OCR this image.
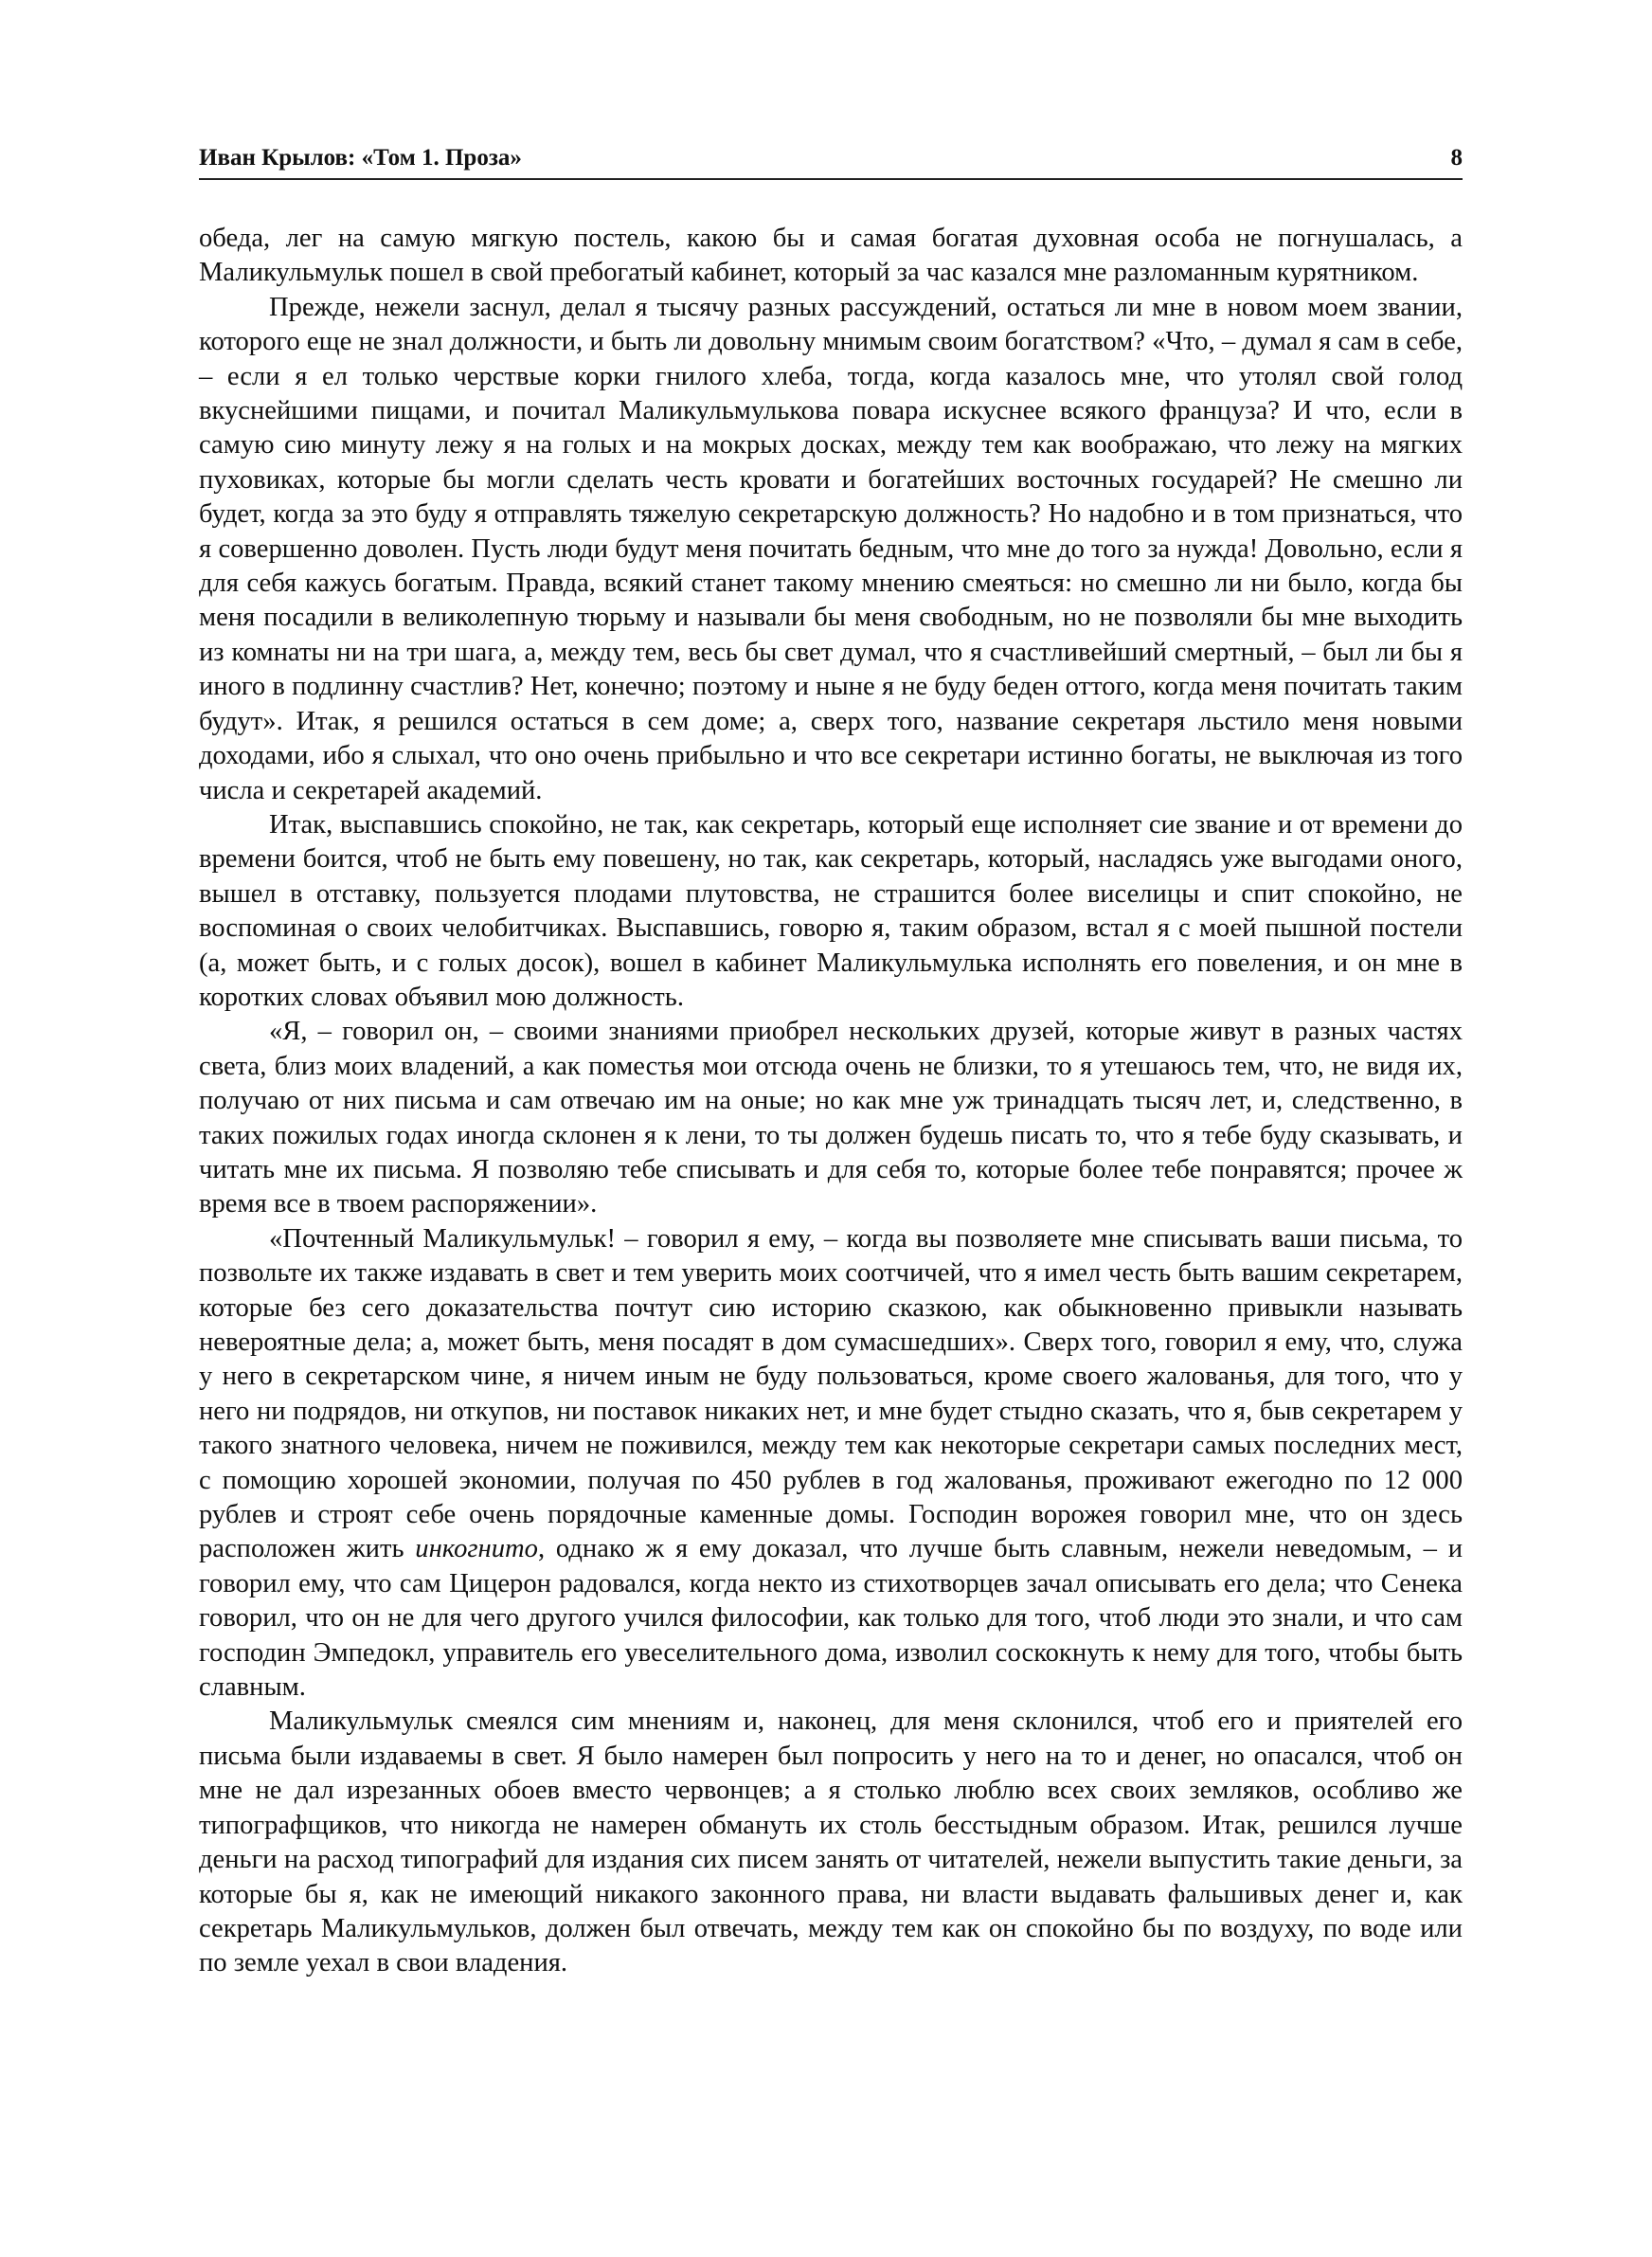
Иван Крылов: «Том 1. Проза»	8

обеда, лег на самую мягкую постель, какою бы и самая богатая духовная особа не погнушалась, а Маликульмульк пошел в свой пребогатый кабинет, который за час казался мне разломанным курятником.

Прежде, нежели заснул, делал я тысячу разных рассуждений, остаться ли мне в новом моем звании, которого еще не знал должности, и быть ли довольну мнимым своим богатством? «Что, – думал я сам в себе, – если я ел только черствые корки гнилого хлеба, тогда, когда казалось мне, что утолял свой голод вкуснейшими пищами, и почитал Маликульмулькова повара искуснее всякого француза? И что, если в самую сию минуту лежу я на голых и на мокрых досках, между тем как воображаю, что лежу на мягких пуховиках, которые бы могли сделать честь кровати и богатейших восточных государей? Не смешно ли будет, когда за это буду я отправлять тяжелую секретарскую должность? Но надобно и в том признаться, что я совершенно доволен. Пусть люди будут меня почитать бедным, что мне до того за нужда! Довольно, если я для себя кажусь богатым. Правда, всякий станет такому мнению смеяться: но смешно ли ни было, когда бы меня посадили в великолепную тюрьму и называли бы меня свободным, но не позволяли бы мне выходить из комнаты ни на три шага, а, между тем, весь бы свет думал, что я счастливейший смертный, – был ли бы я иного в подлинну счастлив? Нет, конечно; поэтому и ныне я не буду беден оттого, когда меня почитать таким будут». Итак, я решился остаться в сем доме; а, сверх того, название секретаря льстило меня новыми доходами, ибо я слыхал, что оно очень прибыльно и что все секретари истинно богаты, не выключая из того числа и секретарей академий.

Итак, выспавшись спокойно, не так, как секретарь, который еще исполняет сие звание и от времени до времени боится, чтоб не быть ему повешену, но так, как секретарь, который, насладясь уже выгодами оного, вышел в отставку, пользуется плодами плутовства, не страшится более виселицы и спит спокойно, не воспоминая о своих челобитчиках. Выспавшись, говорю я, таким образом, встал я с моей пышной постели (а, может быть, и с голых досок), вошел в кабинет Маликульмулька исполнять его повеления, и он мне в коротких словах объявил мою должность.

«Я, – говорил он, – своими знаниями приобрел нескольких друзей, которые живут в разных частях света, близ моих владений, а как поместья мои отсюда очень не близки, то я утешаюсь тем, что, не видя их, получаю от них письма и сам отвечаю им на оные; но как мне уж тринадцать тысяч лет, и, следственно, в таких пожилых годах иногда склонен я к лени, то ты должен будешь писать то, что я тебе буду сказывать, и читать мне их письма. Я позволяю тебе списывать и для себя то, которые более тебе понравятся; прочее ж время все в твоем распоряжении».

«Почтенный Маликульмульк! – говорил я ему, – когда вы позволяете мне списывать ваши письма, то позвольте их также издавать в свет и тем уверить моих соотчичей, что я имел честь быть вашим секретарем, которые без сего доказательства почтут сию историю сказкою, как обыкновенно привыкли называть невероятные дела; а, может быть, меня посадят в дом сумасшедших». Сверх того, говорил я ему, что, служа у него в секретарском чине, я ничем иным не буду пользоваться, кроме своего жалованья, для того, что у него ни подрядов, ни откупов, ни поставок никаких нет, и мне будет стыдно сказать, что я, быв секретарем у такого знатного человека, ничем не поживился, между тем как некоторые секретари самых последних мест, с помощию хорошей экономии, получая по 450 рублев в год жалованья, проживают ежегодно по 12 000 рублев и строят себе очень порядочные каменные домы. Господин ворожея говорил мне, что он здесь расположен жить инкогнито, однако ж я ему доказал, что лучше быть славным, нежели неведомым, – и говорил ему, что сам Цицерон радовался, когда некто из стихотворцев зачал описывать его дела; что Сенека говорил, что он не для чего другого учился философии, как только для того, чтоб люди это знали, и что сам господин Эмпедокл, управитель его увеселительного дома, изволил соскокнуть к нему для того, чтобы быть славным.

Маликульмульк смеялся сим мнениям и, наконец, для меня склонился, чтоб его и приятелей его письма были издаваемы в свет. Я было намерен был попросить у него на то и денег, но опасался, чтоб он мне не дал изрезанных обоев вместо червонцев; а я столько люблю всех своих земляков, особливо же типографщиков, что никогда не намерен обмануть их столь бесстыдным образом. Итак, решился лучше деньги на расход типографий для издания сих писем занять от читателей, нежели выпустить такие деньги, за которые бы я, как не имеющий никакого законного права, ни власти выдавать фальшивых денег и, как секретарь Маликульмульков, должен был отвечать, между тем как он спокойно бы по воздуху, по воде или по земле уехал в свои владения.
